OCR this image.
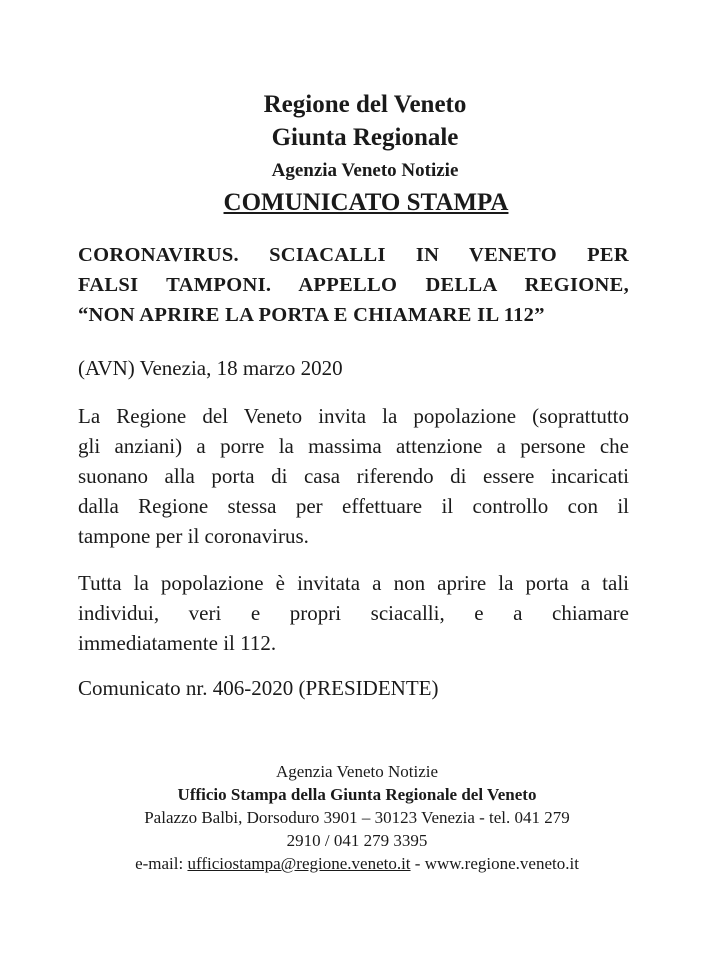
Regione del Veneto
Giunta Regionale
Agenzia Veneto Notizie
COMUNICATO STAMPA
CORONAVIRUS. SCIACALLI IN VENETO PER
FALSI TAMPONI. APPELLO DELLA REGIONE,
“NON APRIRE LA PORTA E CHIAMARE IL 112”
(AVN) Venezia, 18 marzo 2020
La Regione del Veneto invita la popolazione (soprattutto
gli anziani) a porre la massima attenzione a persone che
suonano alla porta di casa riferendo di essere incaricati
dalla Regione stessa per effettuare il controllo con il
tampone per il coronavirus.
Tutta la popolazione è invitata a non aprire la porta a tali
individui, veri e propri sciacalli, e a chiamare
immediatamente il 112.
Comunicato nr. 406-2020 (PRESIDENTE)
Agenzia Veneto Notizie
Ufficio Stampa della Giunta Regionale del Veneto
Palazzo Balbi, Dorsoduro 3901 – 30123 Venezia - tel. 041 279
2910 / 041 279 3395
e-mail: ufficiostampa@regione.veneto.it - www.regione.veneto.it
